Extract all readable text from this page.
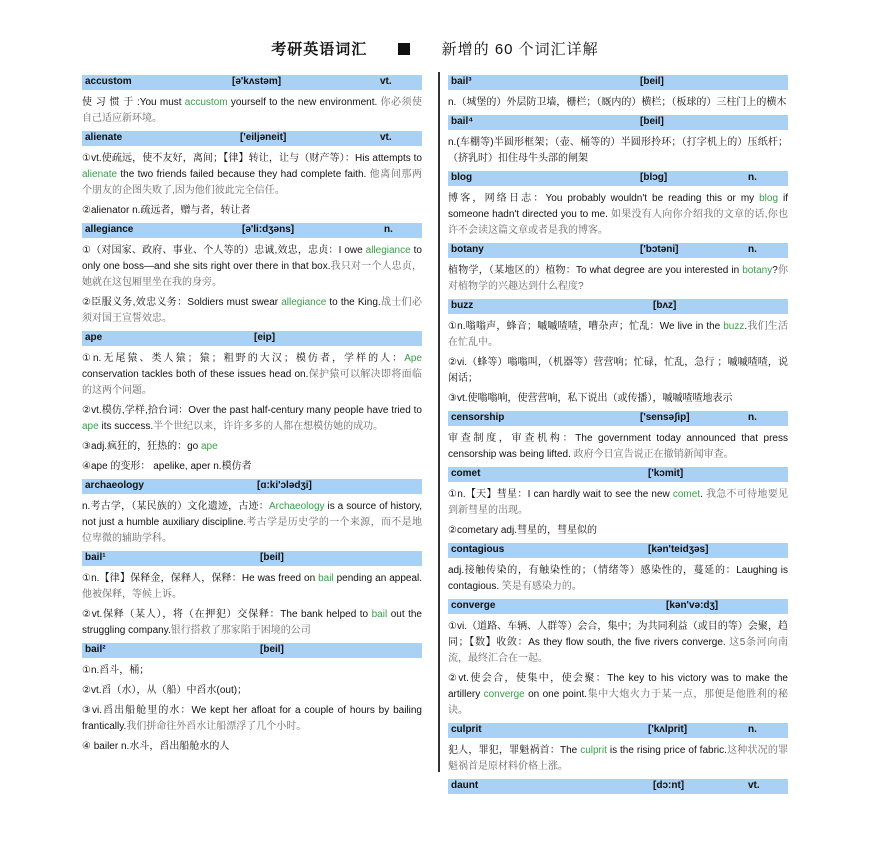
考研英语词汇	新增的 60 个词汇详解
accustom	[ə'kʌstəm]	vt.
使 习 惯 于 :You must accustom yourself to the new environment. 你必须使自己适应新环境。
alienate	['eiljəneit]	vt.
①vt.使疏远，使不友好，离间；【律】转让，让与（财产等）：His attempts to alienate the two friends failed because they had complete faith. 他离间那两个朋友的企图失败了,因为他们彼此完全信任。
②alienator n.疏远者，赠与者，转让者
allegiance	[ə'li:dʒəns]	n.
①（对国家、政府、事业、个人等的）忠诚,效忠，忠贞：I owe allegiance to only one boss—and she sits right over there in that box.我只对一个人忠贞，她就在这包厢里坐在我的身旁。
②臣服义务,效忠义务：Soldiers must swear allegiance to the King.战士们必须对国王宣誓效忠。
ape	[eip]
①n.无尾猿、类人猿；猿；粗野的大汉；模仿者，学样的人：Ape conservation tackles both of these issues head on.保护猿可以解决即将面临的这两个问题。
②vt.模仿,学样,拾台词：Over the past half-century many people have tried to ape its success.半个世纪以来，许许多多的人都在想模仿她的成功。
③adj.疯狂的，狂热的：go ape
④ape 的变形： apelike, aper n.模仿者
archaeology	[ɑ:ki'ɔlədʒi]
n.考古学，（某民族的）文化遗迹，古迹：Archaeology is a source of history, not just a humble auxiliary discipline.考古学是历史学的一个来源，而不是地位卑微的辅助学科。
bail¹	[beil]
①n.【律】保释金，保释人，保释：He was freed on bail pending an appeal.他被保释，等候上诉。
②vt.保释（某人），将（在押犯）交保释：The bank helped to bail out the struggling company.银行搭救了那家陷于困境的公司
bail²	[beil]
①n.舀斗，桶；
②vt.舀（水），从（船）中舀水(out)；
③vi.舀出船舱里的水：We kept her afloat for a couple of hours by bailing frantically.我们拼命往外舀水让船漂浮了几个小时。
④ bailer n.水斗，舀出船舱水的人
bail³	[beil]
n.（城堡的）外层防卫墙，栅栏；（厩内的）横栏；（板球的）三柱门上的横木
bail⁴	[beil]
n.(车棚等)半圆形框架；（壶、桶等的）半圆形拎环；（打字机上的）压纸杆；（挤乳时）扣住母牛头部的闸架
blog	[blɔg]	n.
博客，网络日志：You probably wouldn't be reading this or my blog if someone hadn't directed you to me. 如果没有人向你介绍我的文章的话,你也许不会读这篇文章或者是我的博客。
botany	['bɔtəni]	n.
植物学，（某地区的）植物：To what degree are you interested in botany?你对植物学的兴趣达到什么程度?
buzz	[bʌz]
①n.嗡嗡声，蜂音；嘁嘁喳喳，嘈杂声；忙乱：We live in the buzz.我们生活在忙乱中。
②vi.（蜂等）嗡嗡叫，（机器等）营营响；忙碌，忙乱，急行 ；嘁嘁喳喳，说闲话；
③vt.使嗡嗡响，使营营响，私下说出（或传播），嘁嘁喳喳地表示
censorship	['sensəʃip]	n.
审查制度，审查机构：The government today announced that press censorship was being lifted. 政府今日宣告说正在撤销新闻审查。
comet	['kɔmit]
①n.【天】彗星：I can hardly wait to see the new comet. 我急不可待地要见到新彗星的出现。
②cometary adj.彗星的，彗星似的
contagious	[kən'teidʒəs]
adj.接触传染的，有触染性的；（情绪等）感染性的，蔓延的：Laughing is contagious. 笑是有感染力的。
converge	[kən'və:dʒ]
①vi.（道路、车辆、人群等）会合，集中；为共同利益（或目的等）会聚，趋同；【数】收敛：As they flow south, the five rivers converge. 这5条河向南流，最终汇合在一起。
②vt.使会合，使集中，使会聚：The key to his victory was to make the artillery converge on one point.集中大炮火力于某一点，那便是他胜利的秘诀。
culprit	['kʌlprit]	n.
犯人，罪犯，罪魁祸首：The culprit is the rising price of fabric.这种状况的罪魁祸首是原材料价格上涨。
daunt	[dɔ:nt]	vt.
